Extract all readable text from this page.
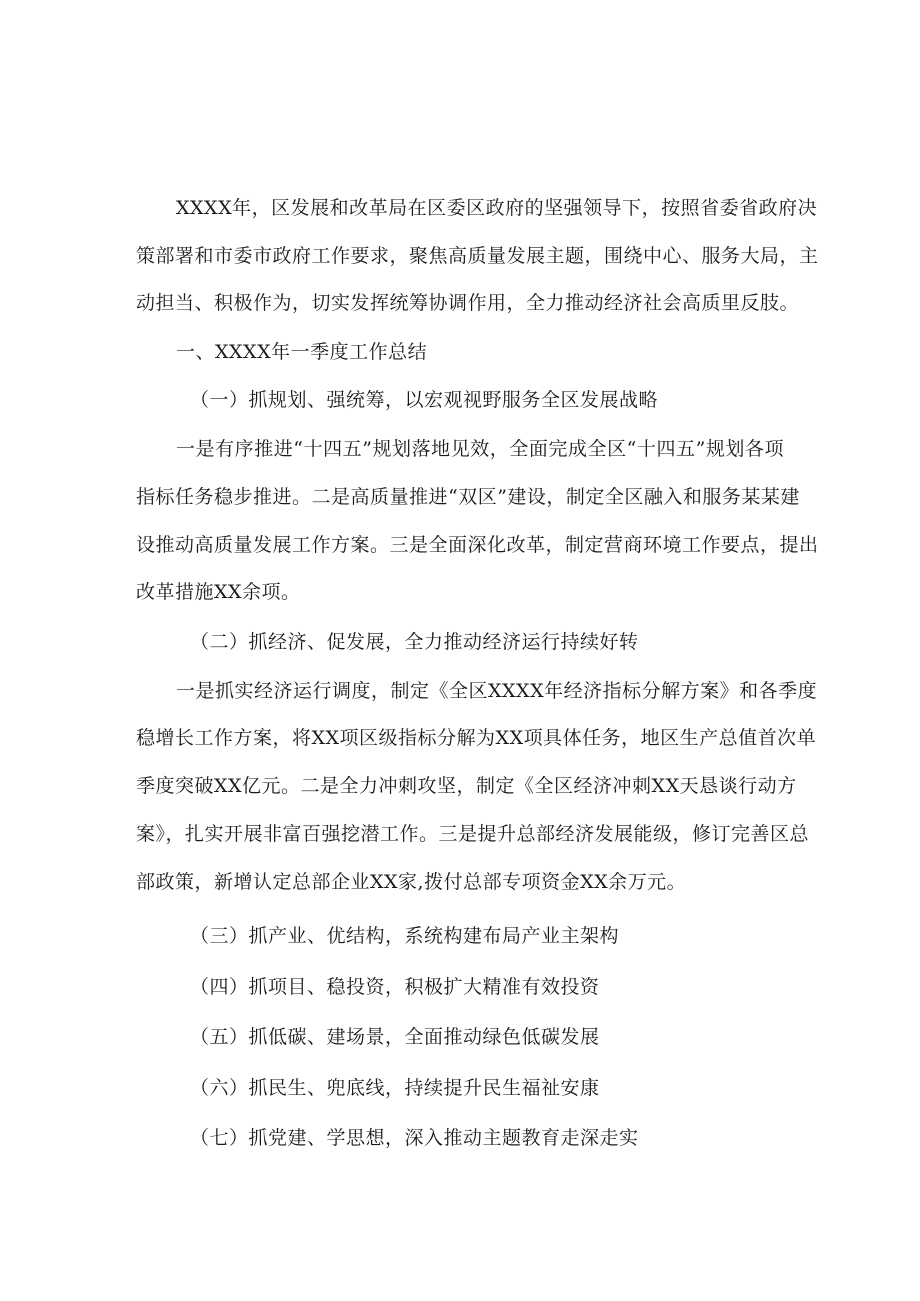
XXXX年，区发展和改革局在区委区政府的坚强领导下，按照省委省政府决
策部署和市委市政府工作要求，聚焦高质量发展主题，围绕中心、服务大局，主
动担当、积极作为，切实发挥统筹协调作用，全力推动经济社会高质里反肢。
一、XXXX年一季度工作总结
（一）抓规划、强统筹，以宏观视野服务全区发展战略
一是有序推进“十四五”规划落地见效，全面完成全区“十四五”规划各项
指标任务稳步推进。二是高质量推进“双区”建设，制定全区融入和服务某某建
设推动高质量发展工作方案。三是全面深化改革，制定营商环境工作要点，提出
改革措施XX余项。
（二）抓经济、促发展，全力推动经济运行持续好转
一是抓实经济运行调度，制定《全区XXXX年经济指标分解方案》和各季度
稳增长工作方案，将XX项区级指标分解为XX项具体任务，地区生产总值首次单
季度突破XX亿元。二是全力冲刺攻坚，制定《全区经济冲刺XX天恳谈行动方
案》，扎实开展非富百强挖潜工作。三是提升总部经济发展能级，修订完善区总
部政策，新增认定总部企业XX家,拨付总部专项资金XX余万元。
（三）抓产业、优结构，系统构建布局产业主架构
（四）抓项目、稳投资，积极扩大精准有效投资
（五）抓低碳、建场景，全面推动绿色低碳发展
（六）抓民生、兜底线，持续提升民生福祉安康
（七）抓党建、学思想，深入推动主题教育走深走实
